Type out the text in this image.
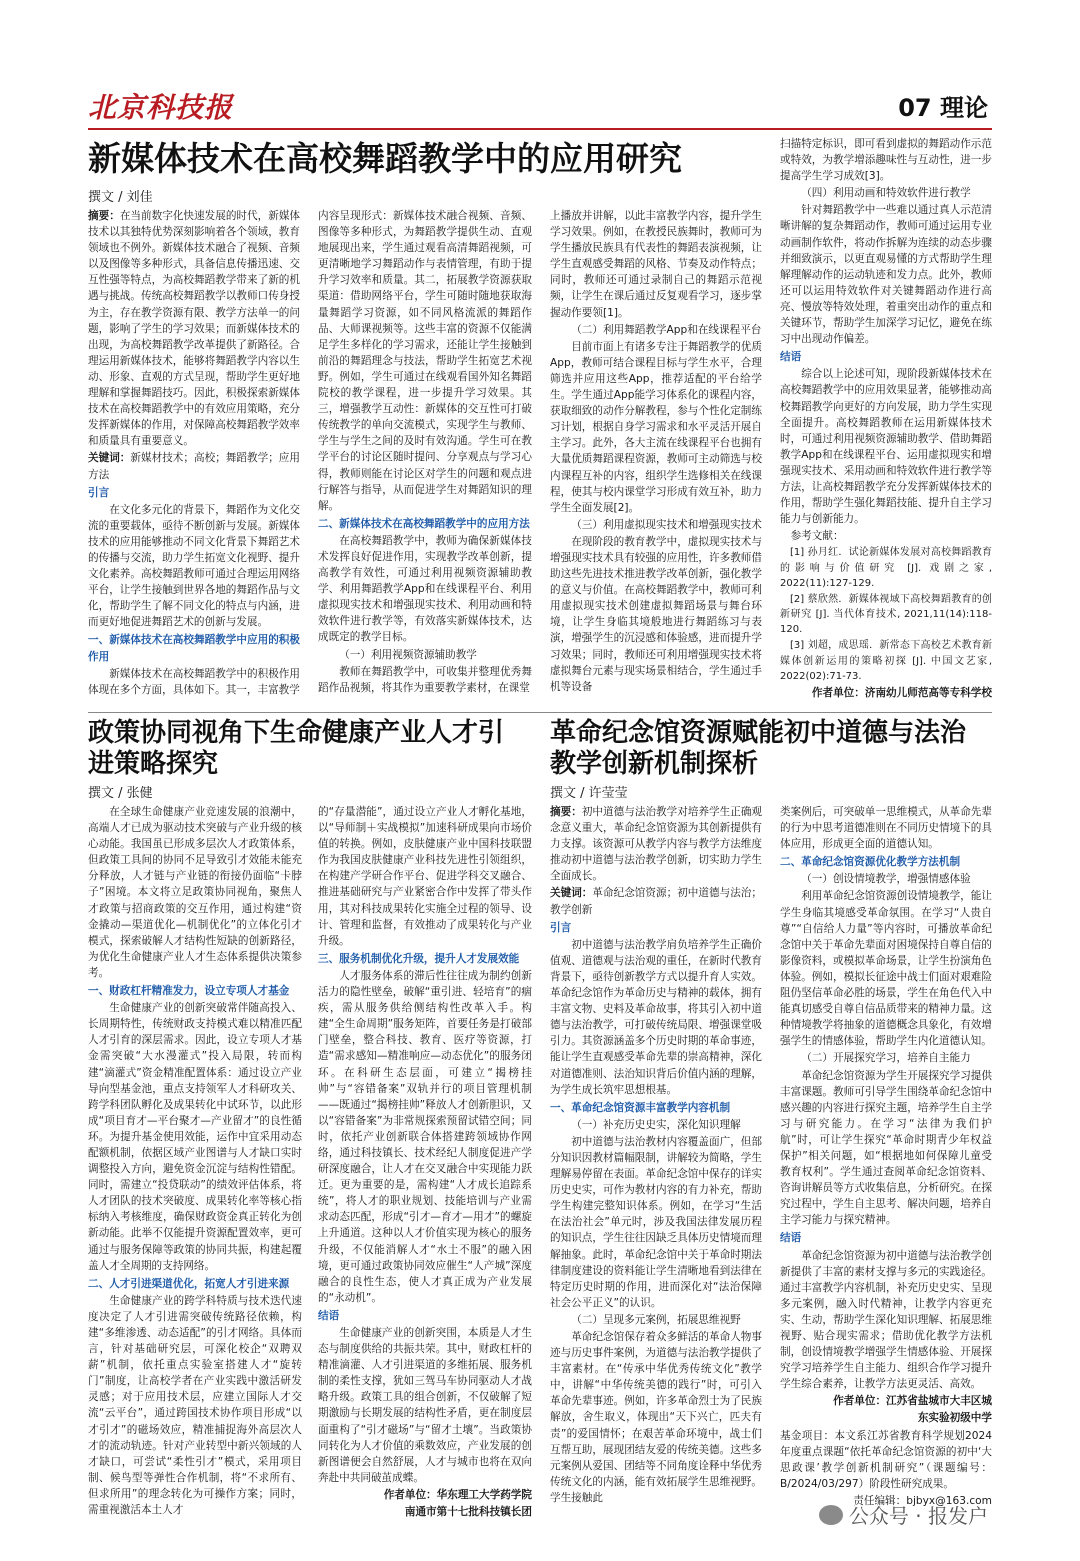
北京科技报	07 理论
新媒体技术在高校舞蹈教学中的应用研究
撰文 / 刘佳

摘要：在当前数字化快速发展的时代，新媒体技术以其独特优势深刻影响着各个领域，教育领域也不例外。新媒体技术融合了视频、音频以及图像等多种形式，具备信息传播迅速、交互性强等特点，为高校舞蹈教学带来了新的机遇与挑战。传统高校舞蹈教学以教师口传身授为主，存在教学资源有限、教学方法单一的问题，影响了学生的学习效果；而新媒体技术的出现，为高校舞蹈教学改革提供了新路径。合理运用新媒体技术，能够将舞蹈教学内容以生动、形象、直观的方式呈现，帮助学生更好地理解和掌握舞蹈技巧。因此，积极探索新媒体技术在高校舞蹈教学中的有效应用策略，充分发挥新媒体的作用，对保障高校舞蹈教学效率和质量具有重要意义。

关键词：新媒材技术；高校；舞蹈教学；应用方法

引言

在文化多元化的背景下，舞蹈作为文化交流的重要载体，亟待不断创新与发展。新媒体技术的应用能够推动不同文化背景下舞蹈艺术的传播与交流，助力学生拓宽文化视野、提升文化素养。高校舞蹈教师可通过合理运用网络平台，让学生接触到世界各地的舞蹈作品与文化，帮助学生了解不同文化的特点与内涵，进而更好地促进舞蹈艺术的创新与发展。

一、新媒体技术在高校舞蹈教学中应用的积极作用

新媒体技术在高校舞蹈教学中的积极作用体现在多个方面，具体如下。其一，丰富教学

内容呈现形式：新媒体技术融合视频、音频、图像等多种形式，为舞蹈教学提供生动、直观地展现出来，学生通过观看高清舞蹈视频，可更清晰地学习舞蹈动作与表情管理，有助于提升学习效率和质量。其二，拓展教学资源获取渠道：借助网络平台，学生可随时随地获取海量舞蹈学习资源，如不同风格流派的舞蹈作品、大师课视频等。这些丰富的资源不仅能满足学生多样化的学习需求，还能让学生接触到前沿的舞蹈理念与技法，帮助学生拓宽艺术视野。例如，学生可通过在线观看国外知名舞蹈院校的教学课程，进一步提升学习效果。其三，增强教学互动性：新媒体的交互性可打破传统教学的单向交流模式，实现学生与教师、学生与学生之间的及时有效沟通。学生可在教学平台的讨论区随时提问、分享观点与学习心得，教师则能在讨论区对学生的问题和观点进行解答与指导，从而促进学生对舞蹈知识的理解。

二、新媒体技术在高校舞蹈教学中的应用方法

在高校舞蹈教学中，教师为确保新媒体技术发挥良好促进作用，实现教学改革创新，提高教学有效性，可通过利用视频资源辅助教学、利用舞蹈教学App和在线课程平台、利用虚拟现实技术和增强现实技术、利用动画和特效软件进行教学等，有效落实新媒体技术，达成既定的教学目标。

（一）利用视频资源辅助教学

教师在舞蹈教学中，可收集并整理优秀舞蹈作品视频，将其作为重要教学素材，在课堂

上播放并讲解，以此丰富教学内容，提升学生学习效果。例如，在教授民族舞时，教师可为学生播放民族具有代表性的舞蹈表演视频，让学生直观感受舞蹈的风格、节奏及动作特点；同时，教师还可通过录制自己的舞蹈示范视频，让学生在课后通过反复观看学习，逐步掌握动作要领[1]。

（二）利用舞蹈教学App和在线课程平台

目前市面上有诸多专注于舞蹈教学的优质App，教师可结合课程目标与学生水平，合理筛选并应用这些App，推荐适配的平台给学生。学生通过App能学习体系化的课程内容，获取细致的动作分解教程，参与个性化定制练习计划，根据自身学习需求和水平灵活开展自主学习。此外，各大主流在线课程平台也拥有大量优质舞蹈课程资源，教师可主动筛选与校内课程互补的内容，组织学生选修相关在线课程，使其与校内课堂学习形成有效互补，助力学生全面发展[2]。

（三）利用虚拟现实技术和增强现实技术

在现阶段的教育教学中，虚拟现实技术与增强现实技术具有较强的应用性，许多教师借助这些先进技术推进教学改革创新，强化教学的意义与价值。在高校舞蹈教学中，教师可利用虚拟现实技术创建虚拟舞蹈场景与舞台环境，让学生身临其境般地进行舞蹈练习与表演，增强学生的沉浸感和体验感，进而提升学习效果；同时，教师还可利用增强现实技术将虚拟舞台元素与现实场景相结合，学生通过手机等设备

扫描特定标识，即可看到虚拟的舞蹈动作示范或特效，为教学增添趣味性与互动性，进一步提高学生学习成效[3]。

（四）利用动画和特效软件进行教学

针对舞蹈教学中一些难以通过真人示范清晰讲解的复杂舞蹈动作，教师可通过运用专业动画制作软件，将动作拆解为连续的动态步骤并细致演示，以更直观易懂的方式帮助学生理解理解动作的运动轨迹和发力点。此外，教师还可以运用特效软件对关键舞蹈动作进行高亮、慢放等特效处理，着重突出动作的重点和关键环节，帮助学生加深学习记忆，避免在练习中出现动作偏差。

结语

综合以上论述可知，现阶段新媒体技术在高校舞蹈教学中的应用效果显著，能够推动高校舞蹈教学向更好的方向发展，助力学生实现全面提升。高校舞蹈教师在运用新媒体技术时，可通过利用视频资源辅助教学、借助舞蹈教学App和在线课程平台、运用虚拟现实和增强现实技术、采用动画和特效软件进行教学等方法，让高校舞蹈教学充分发挥新媒体技术的作用，帮助学生强化舞蹈技能、提升自主学习能力与创新能力。

参考文献：

[1] 孙月红．试论新媒体发展对高校舞蹈教育的影响与价值研究 [J]. 戏剧之家, 2022(11):127-129.

[2] 蔡欣然．新媒体视域下高校舞蹈教育的创新研究 [J]. 当代体育技术, 2021,11(14):118-120.

[3] 刘超，成思瑶．新常态下高校艺术教育新媒体创新运用的策略初探 [J]. 中国文艺家, 2022(02):71-73.

作者单位：济南幼儿师范高等专科学校

政策协同视角下生命健康产业人才引进策略探究
撰文 / 张健

在全球生命健康产业竞速发展的浪潮中，高端人才已成为驱动技术突破与产业升级的核心动能。我国虽已形成多层次人才政策体系，但政策工具间的协同不足导致引才效能未能充分释放，人才链与产业链的衔接仍面临“卡脖子”困境。本文将立足政策协同视角，聚焦人才政策与招商政策的交互作用，通过构建“资金撬动—渠道优化—机制优化”的立体化引才模式，探索破解人才结构性短缺的创新路径，为优化生命健康产业人才生态体系提供决策参考。

一、财政杠杆精准发力，设立专项人才基金

生命健康产业的创新突破常伴随高投入、长周期特性，传统财政支持模式难以精准匹配人才引育的深层需求。因此，设立专项人才基金需突破“大水漫灌式”投入局限，转而构建“滴灌式”资金精准配置体系：通过设立产业导向型基金池，重点支持领军人才科研攻关、跨学科团队孵化及成果转化中试环节，以此形成“项目育才—平台聚才—产业留才”的良性循环。为提升基金使用效能，运作中宜采用动态配额机制，依据区域产业图谱与人才缺口实时调整投入方向，避免资金沉淀与结构性错配。同时，需建立“投贷联动”的绩效评估体系，将人才团队的技术突破度、成果转化率等核心指标纳入考核维度，确保财政资金真正转化为创新动能。此举不仅能提升资源配置效率，更可通过与服务保障等政策的协同共振，构建起覆盖人才全周期的支持网络。

二、人才引进渠道优化，拓宽人才引进来源

生命健康产业的跨学科特质与技术迭代速度决定了人才引进需突破传统路径依赖，构建“多维渗透、动态适配”的引才网络。具体而言，针对基础研究层，可深化校企“双聘双薪”机制，依托重点实验室搭建人才“旋转门”制度，让高校学者在产业实践中激活研发灵感；对于应用技术层，应建立国际人才交流“云平台”，通过跨国技术协作项目形成“以才引才”的磁场效应，精准捕捉海外高层次人才的流动轨迹。针对产业转型中新兴领域的人才缺口，可尝试“柔性引才”模式，采用项目制、候鸟型等弹性合作机制，将“不求所有、但求所用”的理念转化为可操作方案；同时，需重视激活本土人才

的“存量潜能”，通过设立产业人才孵化基地，以“导师制＋实战模拟”加速科研成果向市场价值的转换。例如，皮肤健康产业中国科技联盟作为我国皮肤健康产业科技先进性引领组织，在构建产学研合作平台、促进学科交叉融合、推进基础研究与产业紧密合作中发挥了带头作用，其对科技成果转化实施全过程的领导、设计、管理和监督，有效推动了成果转化与产业升级。

三、服务机制优化升级，提升人才发展效能

人才服务体系的滞后性往往成为制约创新活力的隐性壁垒，破解“重引进、轻培育”的痼疾，需从服务供给侧结构性改革入手。构建“全生命周期”服务矩阵，首要任务是打破部门壁垒，整合科技、教育、医疗等资源，打造“需求感知—精准响应—动态优化”的服务闭环。在科研生态层面，可建立“揭榜挂帅”与“容错备案”双轨并行的项目管理机制——既通过“揭榜挂帅”释放人才创新胆识，又以“容错备案”为非常规探索预留试错空间；同时，依托产业创新联合体搭建跨领域协作网络，通过科技镇长、技术经纪人制度促进产学研深度融合，让人才在交叉融合中实现能力跃迁。更为重要的是，需构建“人才成长追踪系统”，将人才的职业规划、技能培训与产业需求动态匹配，形成“引才—育才—用才”的螺旋上升通道。这种以人才价值实现为核心的服务升级，不仅能消解人才“水土不服”的融入困境，更可通过政策协同效应催生“人产城”深度融合的良性生态，使人才真正成为产业发展的“永动机”。

结语

生命健康产业的创新突围，本质是人才生态与制度供给的共振共荣。其中，财政杠杆的精准滴灌、人才引进渠道的多维拓展、服务机制的柔性支撑，犹如三驾马车协同驱动人才战略升级。政策工具的组合创新，不仅破解了短期激励与长期发展的结构性矛盾，更在制度层面重构了“引才磁场”与“留才土壤”。当政策协同转化为人才价值的乘数效应，产业发展的创新图谱便会自然舒展，人才与城市也将在双向奔赴中共同破茧成蝶。

作者单位：华东理工大学药学院

南通市第十七批科技镇长团

革命纪念馆资源赋能初中道德与法治教学创新机制探析
撰文 / 许莹莹

摘要：初中道德与法治教学对培养学生正确观念意义重大，革命纪念馆资源为其创新提供有力支撑。该资源可从教学内容与教学方法维度推动初中道德与法治教学创新，切实助力学生全面成长。

关键词：革命纪念馆资源；初中道德与法治；教学创新

引言

初中道德与法治教学肩负培养学生正确价值观、道德观与法治观的重任，在新时代教育背景下，亟待创新教学方式以提升育人实效。革命纪念馆作为革命历史与精神的载体，拥有丰富文物、史料及革命故事，将其引入初中道德与法治教学，可打破传统局限、增强课堂吸引力。其资源涵盖多个历史时期的革命事迹，能让学生直观感受革命先辈的崇高精神，深化对道德准则、法治知识背后价值内涵的理解，为学生成长筑牢思想根基。

一、革命纪念馆资源丰富教学内容机制
（一）补充历史史实，深化知识理解

初中道德与法治教材内容覆盖面广，但部分知识因教材篇幅限制，讲解较为简略，学生理解易停留在表面。革命纪念馆中保存的详实历史史实，可作为教材内容的有力补充，帮助学生构建完整知识体系。例如，在学习“生活在法治社会”单元时，涉及我国法律发展历程的知识点，学生往往因缺乏具体历史情境而理解抽象。此时，革命纪念馆中关于革命时期法律制度建设的资料能让学生清晰地看到法律在特定历史时期的作用，进而深化对“法治保障社会公平正义”的认识。

（二）呈现多元案例，拓展思维视野

革命纪念馆保存着众多鲜活的革命人物事迹与历史事件案例，为道德与法治教学提供了丰富素材。在“传承中华优秀传统文化”教学中，讲解“中华传统美德的践行”时，可引入革命先辈事迹。例如，许多革命烈士为了民族解放，舍生取义，体现出“天下兴亡，匹夫有责”的爱国情怀；在艰苦革命环境中，战士们互帮互助，展现团结友爱的传统美德。这些多元案例从爱国、团结等不同角度诠释中华优秀传统文化的内涵，能有效拓展学生思维视野。学生接触此

类案例后，可突破单一思维模式，从革命先辈的行为中思考道德准则在不同历史情境下的具体应用，形成更全面的道德认知。

二、革命纪念馆资源优化教学方法机制
（一）创设情境教学，增强情感体验

利用革命纪念馆资源创设情境教学，能让学生身临其境感受革命氛围。在学习“人贵自尊”“自信给人力量”等内容时，可播放革命纪念馆中关于革命先辈面对困境保持自尊自信的影像资料，或模拟革命场景，让学生扮演角色体验。例如，模拟长征途中战士们面对艰难险阻仍坚信革命必胜的场景，学生在角色代入中能真切感受自尊自信品质带来的精神力量。这种情境教学将抽象的道德概念具象化，有效增强学生的情感体验，帮助学生内化道德认知。

（二）开展探究学习，培养自主能力

革命纪念馆资源为学生开展探究学习提供丰富课题。教师可引导学生围绕革命纪念馆中感兴趣的内容进行探究主题，培养学生自主学习与研究能力。在学习“法律为我们护航”时，可让学生探究“革命时期青少年权益保护”相关问题，如“根据地如何保障儿童受教育权利”。学生通过查阅革命纪念馆资料、咨询讲解员等方式收集信息，分析研究。在探究过程中，学生自主思考、解决问题，培养自主学习能力与探究精神。

结语

革命纪念馆资源为初中道德与法治教学创新提供了丰富的素材支撑与多元的实践途径。通过丰富教学内容机制，补充历史史实、呈现多元案例，融入时代精神，让教学内容更充实、生动，帮助学生深化知识理解、拓展思维视野、贴合现实需求；借助优化教学方法机制，创设情境教学增强学生情感体验、开展探究学习培养学生自主能力、组织合作学习提升学生综合素养，让教学方法更灵活、高效。

作者单位：江苏省盐城市大丰区城

东实验初级中学

基金项目：本文系江苏省教育科学规划2024年度重点课题“依托革命纪念馆资源的初中‘大思政课’教学创新机制研究”（课题编号：B/2024/03/297）阶段性研究成果。

责任编辑：bjbyx@163.com

公众号 · 报发户
